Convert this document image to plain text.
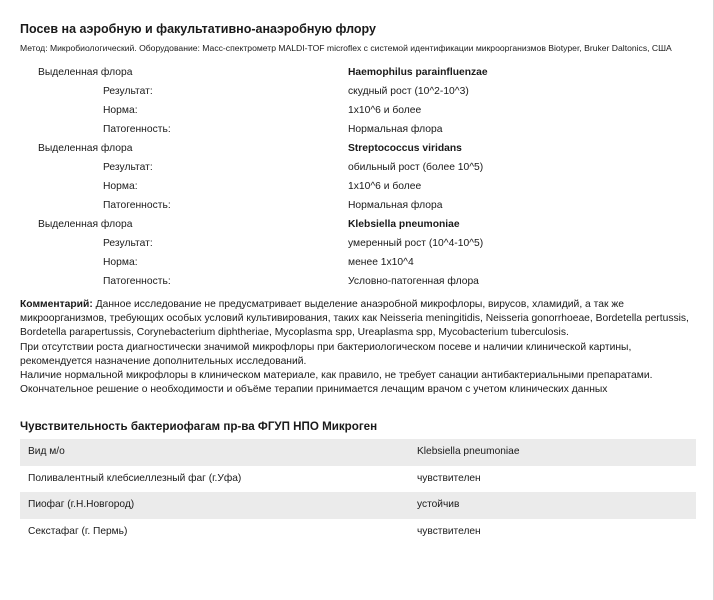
Посев на аэробную и факультативно-анаэробную флору
Метод: Микробиологический. Оборудование: Масс-спектрометр MALDI-TOF microflex с системой идентификации микроорганизмов Biotyper, Bruker Daltonics, США
Выделенная флора	Haemophilus parainfluenzae
Результат:	скудный рост (10^2-10^3)
Норма:	1x10^6 и более
Патогенность:	Нормальная флора
Выделенная флора	Streptococcus viridans
Результат:	обильный рост (более 10^5)
Норма:	1x10^6 и более
Патогенность:	Нормальная флора
Выделенная флора	Klebsiella pneumoniae
Результат:	умеренный рост (10^4-10^5)
Норма:	менее 1x10^4
Патогенность:	Условно-патогенная флора

Комментарий: Данное исследование не предусматривает выделение анаэробной микрофлоры, вирусов, хламидий, а так же микроорганизмов, требующих особых условий культивирования, таких как Neisseria meningitidis, Neisseria gonorrhoeae, Bordetella pertussis, Bordetella parapertussis, Corynebacterium diphtheriae, Mycoplasma spp, Ureaplasma spp, Mycobacterium tuberculosis.

При отсутствии роста диагностически значимой микрофлоры при бактериологическом посеве и наличии клинической картины, рекомендуется назначение дополнительных исследований.

Наличие нормальной микрофлоры в клиническом материале, как правило, не требует санации антибактериальными препаратами. Окончательное решение о необходимости и объёме терапии принимается лечащим врачом с учетом клинических данных

Чувствительность бактериофагам пр-ва ФГУП НПО Микроген
Вид м/о	Klebsiella pneumoniae
Поливалентный клебсиеллезный фаг (г.Уфа)	чувствителен
Пиофаг (г.Н.Новгород)	устойчив
Секстафаг (г. Пермь)	чувствителен
